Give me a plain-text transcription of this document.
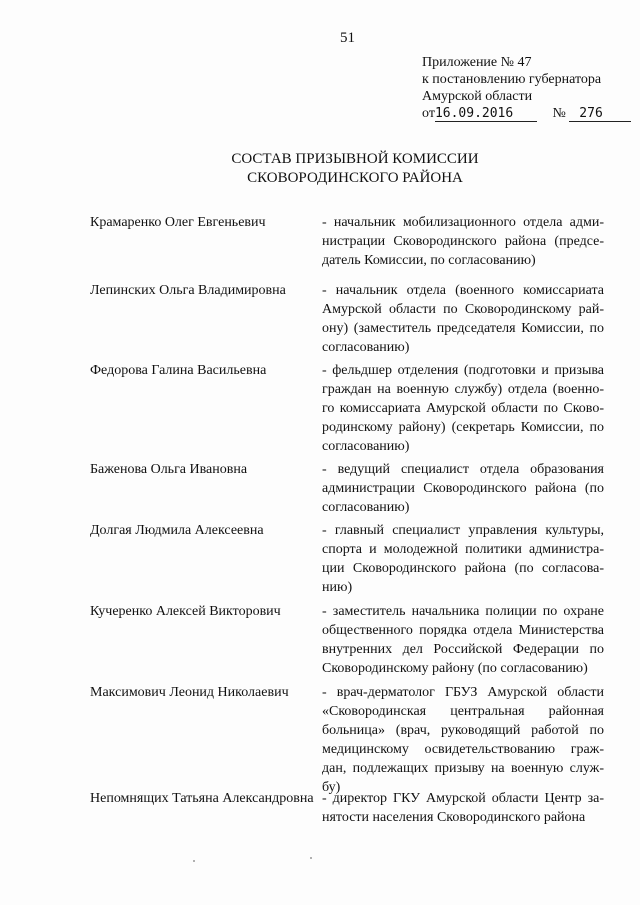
51
Приложение № 47
к постановлению губернатора
Амурской области
от16.09.2016	№ 276
СОСТАВ ПРИЗЫВНОЙ КОМИССИИ
СКОВОРОДИНСКОГО РАЙОНА
Крамаренко Олег Евгеньевич	- начальник мобилизационного отдела адми-
нистрации Сковородинского района (предсе-
датель Комиссии, по согласованию)
Лепинских Ольга Владимировна	- начальник отдела (военного комиссариата
Амурской области по Сковородинскому рай-
ону) (заместитель председателя Комиссии, по
согласованию)
Федорова Галина Васильевна	- фельдшер отделения (подготовки и призыва
граждан на военную службу) отдела (военно-
го комиссариата Амурской области по Сково-
родинскому району) (секретарь Комиссии, по
согласованию)
Баженова Ольга Ивановна	- ведущий специалист отдела образования
администрации Сковородинского района (по
согласованию)
Долгая Людмила Алексеевна	- главный специалист управления культуры,
спорта и молодежной политики администра-
ции Сковородинского района (по согласова-
нию)
Кучеренко Алексей Викторович	- заместитель начальника полиции по охране
общественного порядка отдела Министерства
внутренних дел Российской Федерации по
Сковородинскому району (по согласованию)
Максимович Леонид Николаевич - врач-дерматолог ГБУЗ Амурской области
«Сковородинская центральная районная
больница» (врач, руководящий работой по
медицинскому освидетельствованию граж-
дан, подлежащих призыву на военную служ-
бу)
Непомнящих Татьяна Александровна - директор ГКУ Амурской области Центр за-
нятости населения Сковородинского района
